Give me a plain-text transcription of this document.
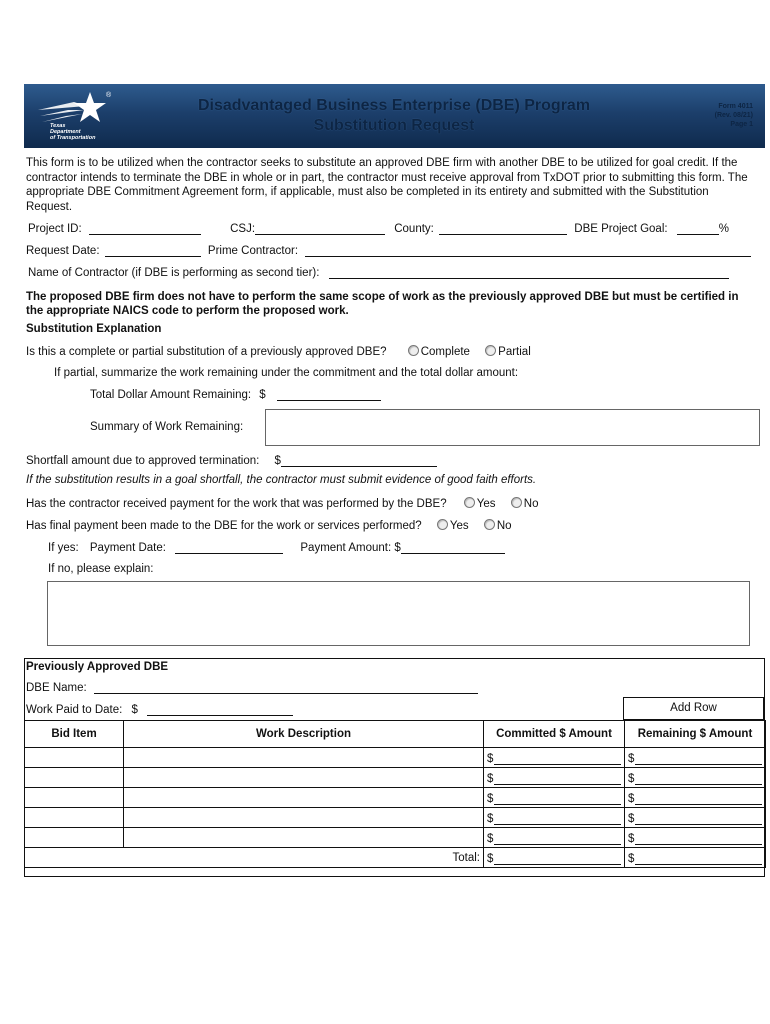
®
Texas
Department
of Transportation
Disadvantaged Business Enterprise (DBE) Program
Substitution Request
Form 4011
(Rev. 08/21)
Page 1
This form is to be utilized when the contractor seeks to substitute an approved DBE firm with another DBE to be utilized for goal credit. If the contractor intends to terminate the DBE in whole or in part, the contractor must receive approval from TxDOT prior to submitting this form. The appropriate DBE Commitment Agreement form, if applicable, must also be completed in its entirety and submitted with the Substitution Request.
Project ID:	CSJ:	County:	DBE Project Goal:	%
Request Date:	Prime Contractor:
Name of Contractor (if DBE is performing as second tier):
The proposed DBE firm does not have to perform the same scope of work as the previously approved DBE but must be certified in the appropriate NAICS code to perform the proposed work.
Substitution Explanation
Is this a complete or partial substitution of a previously approved DBE?	Complete Partial
If partial, summarize the work remaining under the commitment and the total dollar amount:
Total Dollar Amount Remaining: $
Summary of Work Remaining:
Shortfall amount due to approved termination: $
If the substitution results in a goal shortfall, the contractor must submit evidence of good faith efforts.
Has the contractor received payment for the work that was performed by the DBE?	Yes No
Has final payment been made to the DBE for the work or services performed? Yes No
If yes: Payment Date:	Payment Amount: $
If no, please explain:
Previously Approved DBE
DBE Name:
Work Paid to Date: $	Add Row
Bid Item	Work Description	Committed $ Amount	Remaining $ Amount

		$	$

		$	$

		$	$

		$	$

		$	$

Total:		$	$
